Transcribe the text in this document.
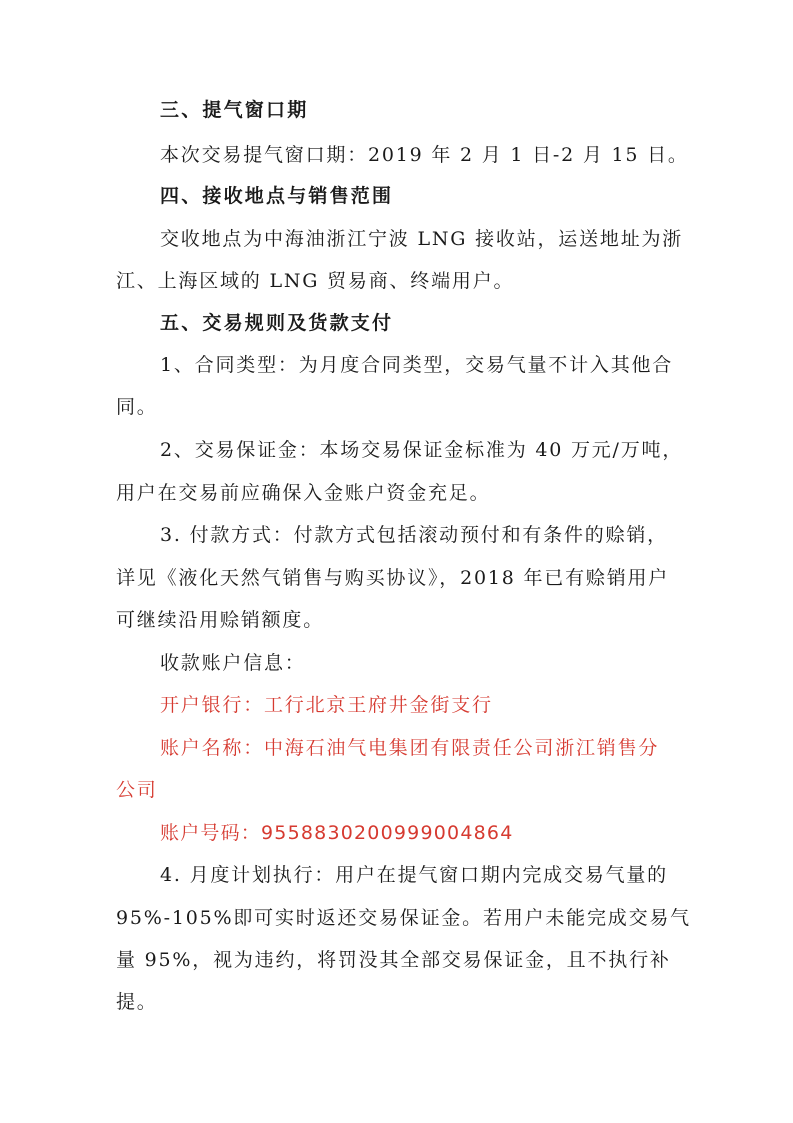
三、提气窗口期
本次交易提气窗口期：2019 年 2 月 1 日-2 月 15 日。
四、接收地点与销售范围
交收地点为中海油浙江宁波 LNG 接收站，运送地址为浙
江、上海区域的 LNG 贸易商、终端用户。
五、交易规则及货款支付
1、合同类型：为月度合同类型，交易气量不计入其他合
同。
2、交易保证金：本场交易保证金标准为 40 万元/万吨，
用户在交易前应确保入金账户资金充足。
3. 付款方式：付款方式包括滚动预付和有条件的赊销，
详见《液化天然气销售与购买协议》，2018 年已有赊销用户
可继续沿用赊销额度。
收款账户信息：
开户银行：工行北京王府井金街支行
账户名称：中海石油气电集团有限责任公司浙江销售分
公司
账户号码：9558830200999004864
4. 月度计划执行：用户在提气窗口期内完成交易气量的
95%-105%即可实时返还交易保证金。若用户未能完成交易气
量 95%，视为违约，将罚没其全部交易保证金，且不执行补
提。
